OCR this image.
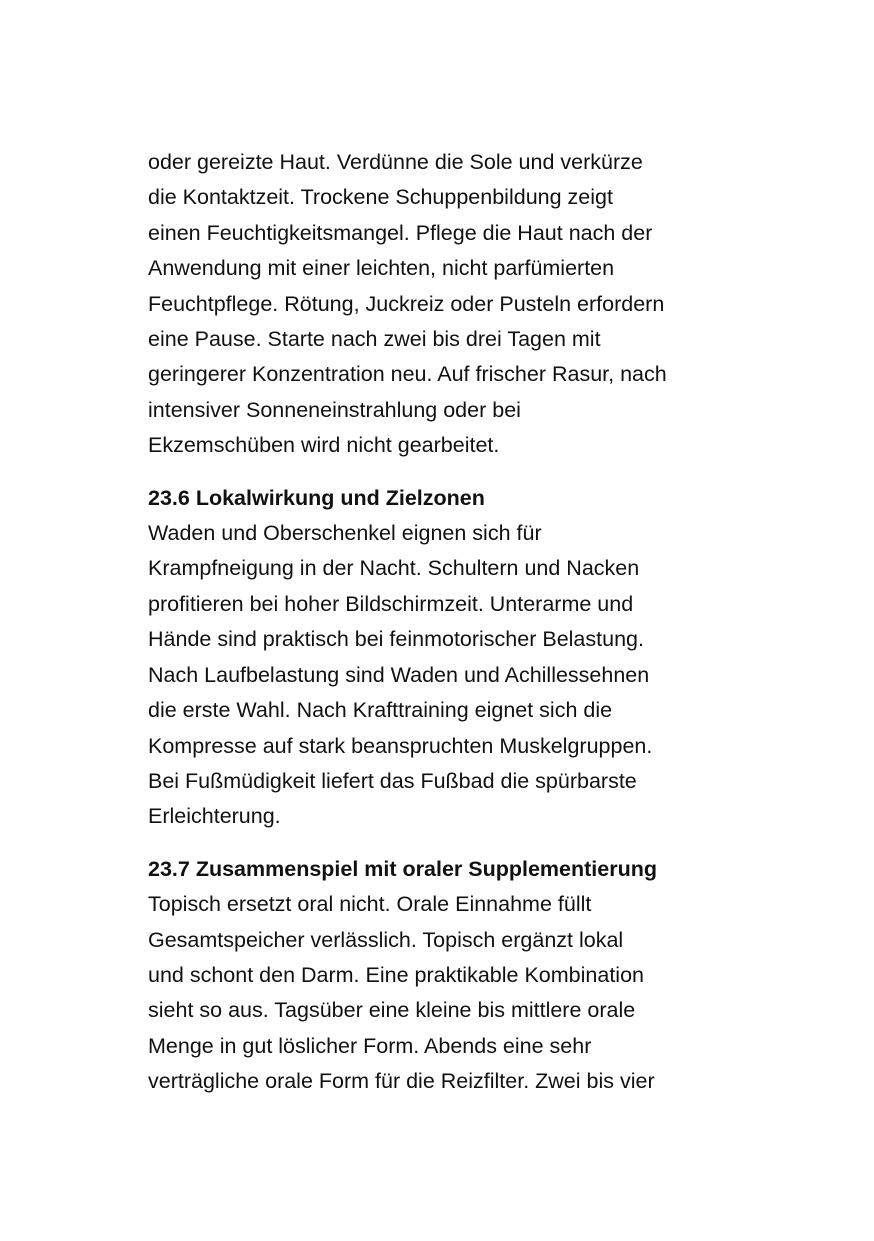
oder gereizte Haut. Verdünne die Sole und verkürze
die Kontaktzeit. Trockene Schuppenbildung zeigt
einen Feuchtigkeitsmangel. Pflege die Haut nach der
Anwendung mit einer leichten, nicht parfümierten
Feuchtpflege. Rötung, Juckreiz oder Pusteln erfordern
eine Pause. Starte nach zwei bis drei Tagen mit
geringerer Konzentration neu. Auf frischer Rasur, nach
intensiver Sonneneinstrahlung oder bei
Ekzemschüben wird nicht gearbeitet.
23.6 Lokalwirkung und Zielzonen
Waden und Oberschenkel eignen sich für
Krampfneigung in der Nacht. Schultern und Nacken
profitieren bei hoher Bildschirmzeit. Unterarme und
Hände sind praktisch bei feinmotorischer Belastung.
Nach Laufbelastung sind Waden und Achillessehnen
die erste Wahl. Nach Krafttraining eignet sich die
Kompresse auf stark beanspruchten Muskelgruppen.
Bei Fußmüdigkeit liefert das Fußbad die spürbarste
Erleichterung.
23.7 Zusammenspiel mit oraler Supplementierung
Topisch ersetzt oral nicht. Orale Einnahme füllt
Gesamtspeicher verlässlich. Topisch ergänzt lokal
und schont den Darm. Eine praktikable Kombination
sieht so aus. Tagsüber eine kleine bis mittlere orale
Menge in gut löslicher Form. Abends eine sehr
verträgliche orale Form für die Reizfilter. Zwei bis vier
